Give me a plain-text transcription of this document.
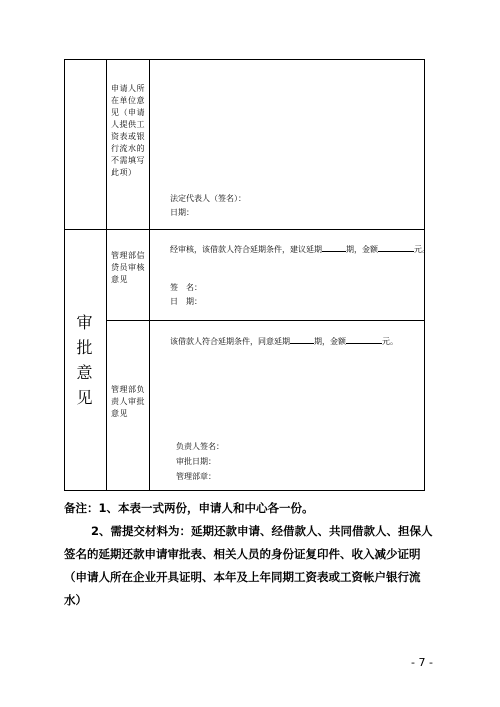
	申请人所在单位意见（申请人提供工资表或银行流水的不需填写此项）	法定代表人（签名）：
日期：

审批意见	管理部信贷员审核意见	经审核，该借款人符合延期条件，建议延期 期，金额 元。
签　名：
日　期：

	管理部负责人审批意见	该借款人符合延期条件，同意延期 期，金额 元。
负责人签名：
审批日期：
管理部章：

备注：1、本表一式两份，申请人和中心各一份。

2、需提交材料为：延期还款申请、经借款人、共同借款人、担保人签名的延期还款申请审批表、相关人员的身份证复印件、收入减少证明（申请人所在企业开具证明、本年及上年同期工资表或工资帐户银行流水）

- 7 -
